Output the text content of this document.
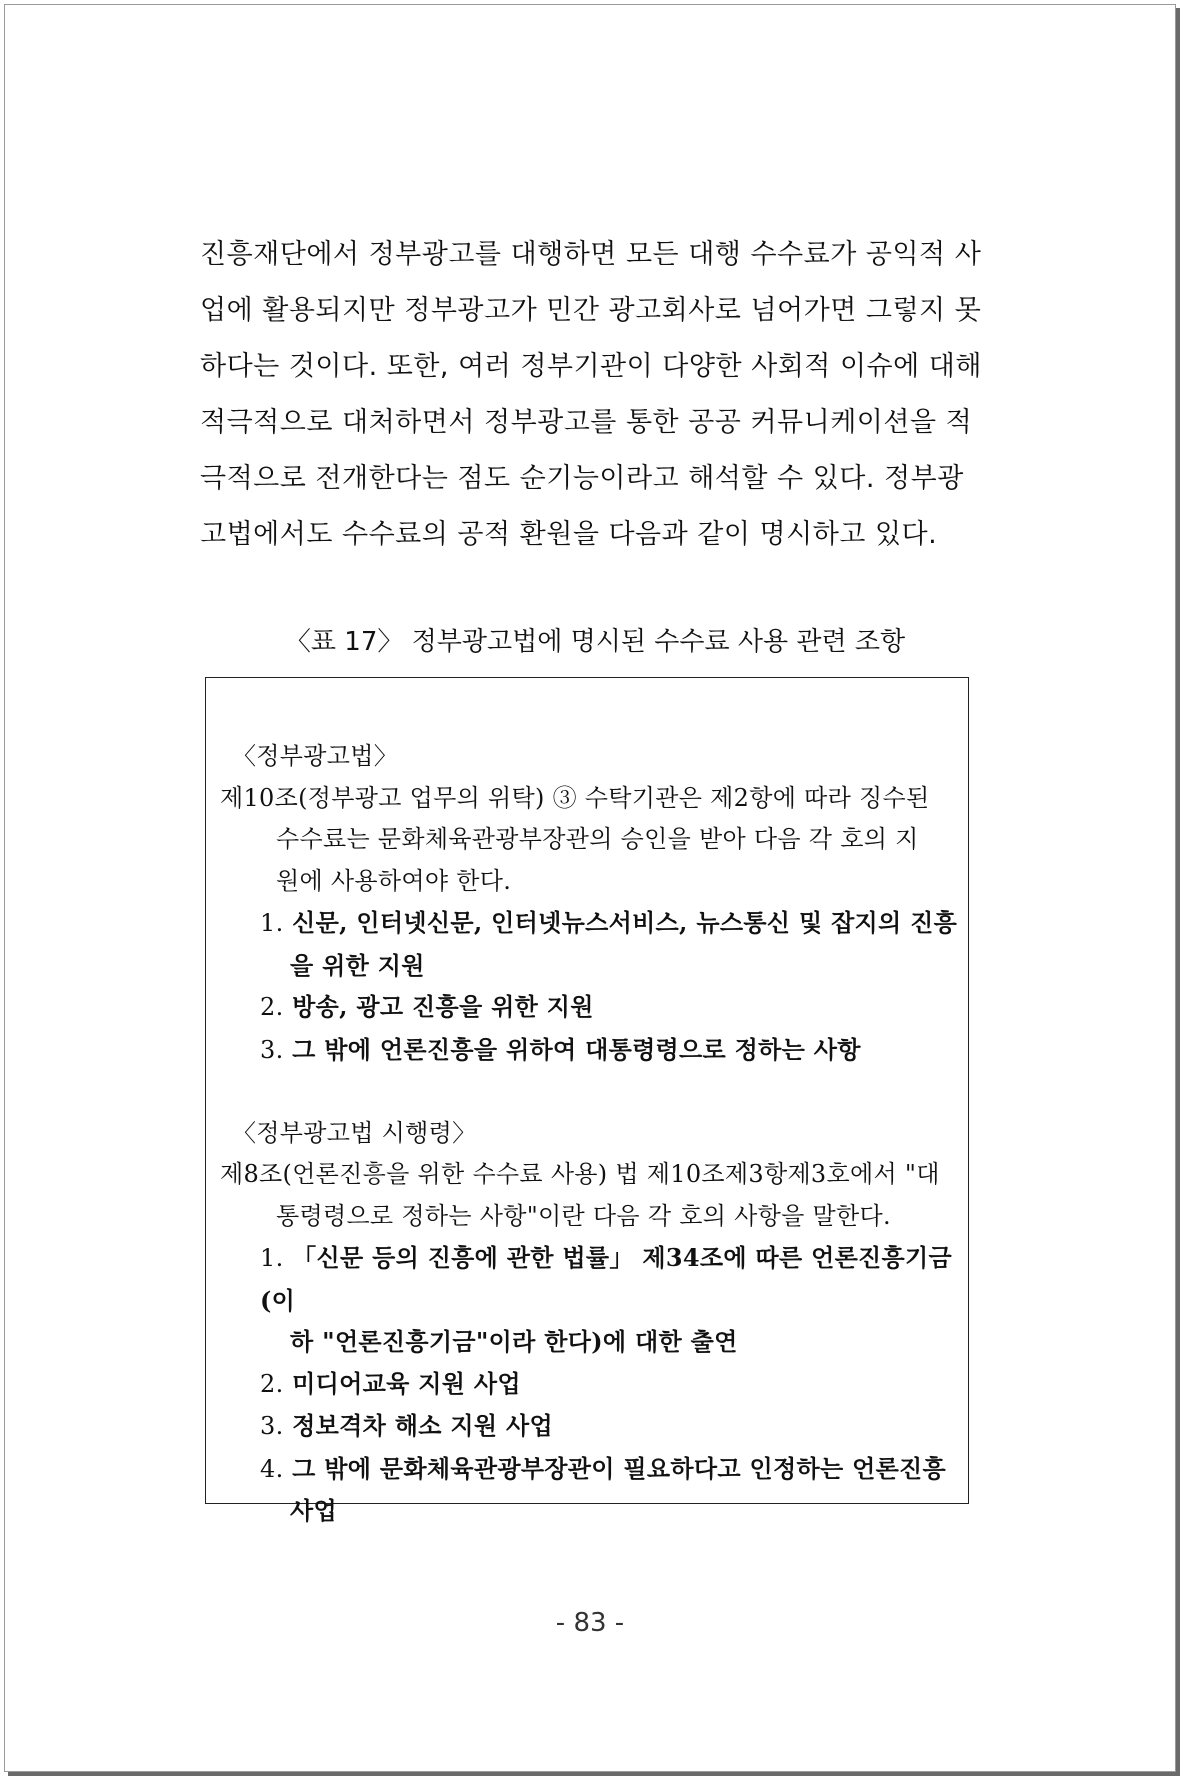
진흥재단에서 정부광고를 대행하면 모든 대행 수수료가 공익적 사
업에 활용되지만 정부광고가 민간 광고회사로 넘어가면 그렇지 못
하다는 것이다. 또한, 여러 정부기관이 다양한 사회적 이슈에 대해
적극적으로 대처하면서 정부광고를 통한 공공 커뮤니케이션을 적
극적으로 전개한다는 점도 순기능이라고 해석할 수 있다. 정부광
고법에서도 수수료의 공적 환원을 다음과 같이 명시하고 있다.
〈표 17〉 정부광고법에 명시된 수수료 사용 관련 조항
〈정부광고법〉
제10조(정부광고 업무의 위탁) ③ 수탁기관은 제2항에 따라 징수된
수수료는 문화체육관광부장관의 승인을 받아 다음 각 호의 지
원에 사용하여야 한다.
1. 신문, 인터넷신문, 인터넷뉴스서비스, 뉴스통신 및 잡지의 진흥
을 위한 지원
2. 방송, 광고 진흥을 위한 지원
3. 그 밖에 언론진흥을 위하여 대통령령으로 정하는 사항
〈정부광고법 시행령〉
제8조(언론진흥을 위한 수수료 사용) 법 제10조제3항제3호에서 "대
통령령으로 정하는 사항"이란 다음 각 호의 사항을 말한다.
1. 「신문 등의 진흥에 관한 법률」 제34조에 따른 언론진흥기금(이
하 "언론진흥기금"이라 한다)에 대한 출연
2. 미디어교육 지원 사업
3. 정보격차 해소 지원 사업
4. 그 밖에 문화체육관광부장관이 필요하다고 인정하는 언론진흥
사업
- 83 -
